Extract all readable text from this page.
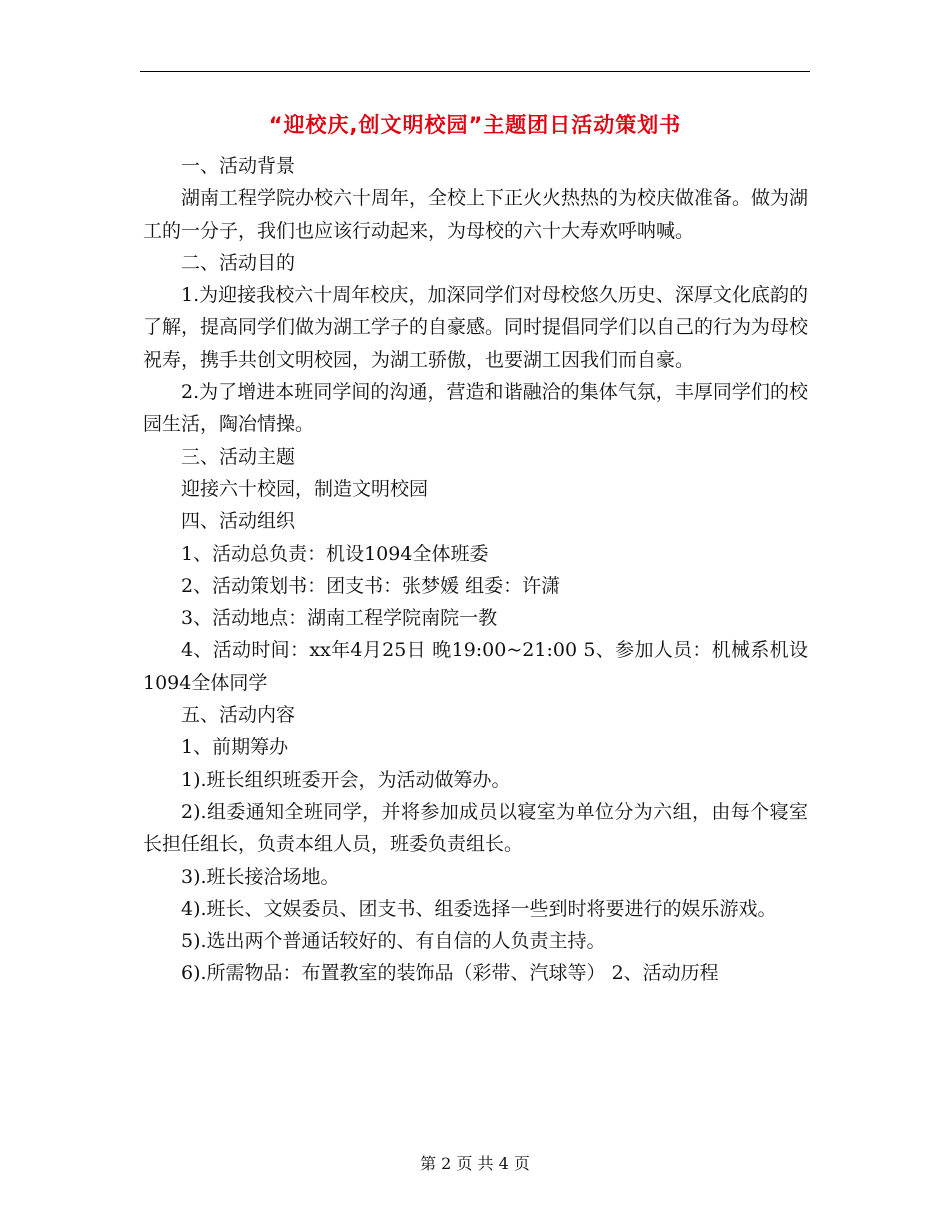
“迎校庆,创文明校园”主题团日活动策划书

一、活动背景

湖南工程学院办校六十周年，全校上下正火火热热的为校庆做准备。做为湖工的一分子，我们也应该行动起来，为母校的六十大寿欢呼呐喊。

二、活动目的

1.为迎接我校六十周年校庆，加深同学们对母校悠久历史、深厚文化底韵的了解，提高同学们做为湖工学子的自豪感。同时提倡同学们以自己的行为为母校祝寿，携手共创文明校园，为湖工骄傲，也要湖工因我们而自豪。

2.为了增进本班同学间的沟通，营造和谐融洽的集体气氛，丰厚同学们的校园生活，陶冶情操。

三、活动主题

迎接六十校园，制造文明校园

四、活动组织

1、活动总负责：机设1094全体班委

2、活动策划书：团支书：张梦媛 组委：许潇

3、活动地点：湖南工程学院南院一教

4、活动时间：xx年4月25日 晚19:00~21:00 5、参加人员：机械系机设1094全体同学

五、活动内容

1、前期筹办

1).班长组织班委开会，为活动做筹办。

2).组委通知全班同学，并将参加成员以寝室为单位分为六组，由每个寝室长担任组长，负责本组人员，班委负责组长。

3).班长接洽场地。

4).班长、文娱委员、团支书、组委选择一些到时将要进行的娱乐游戏。

5).选出两个普通话较好的、有自信的人负责主持。

6).所需物品：布置教室的装饰品（彩带、汽球等） 2、活动历程

第 2 页 共 4 页
